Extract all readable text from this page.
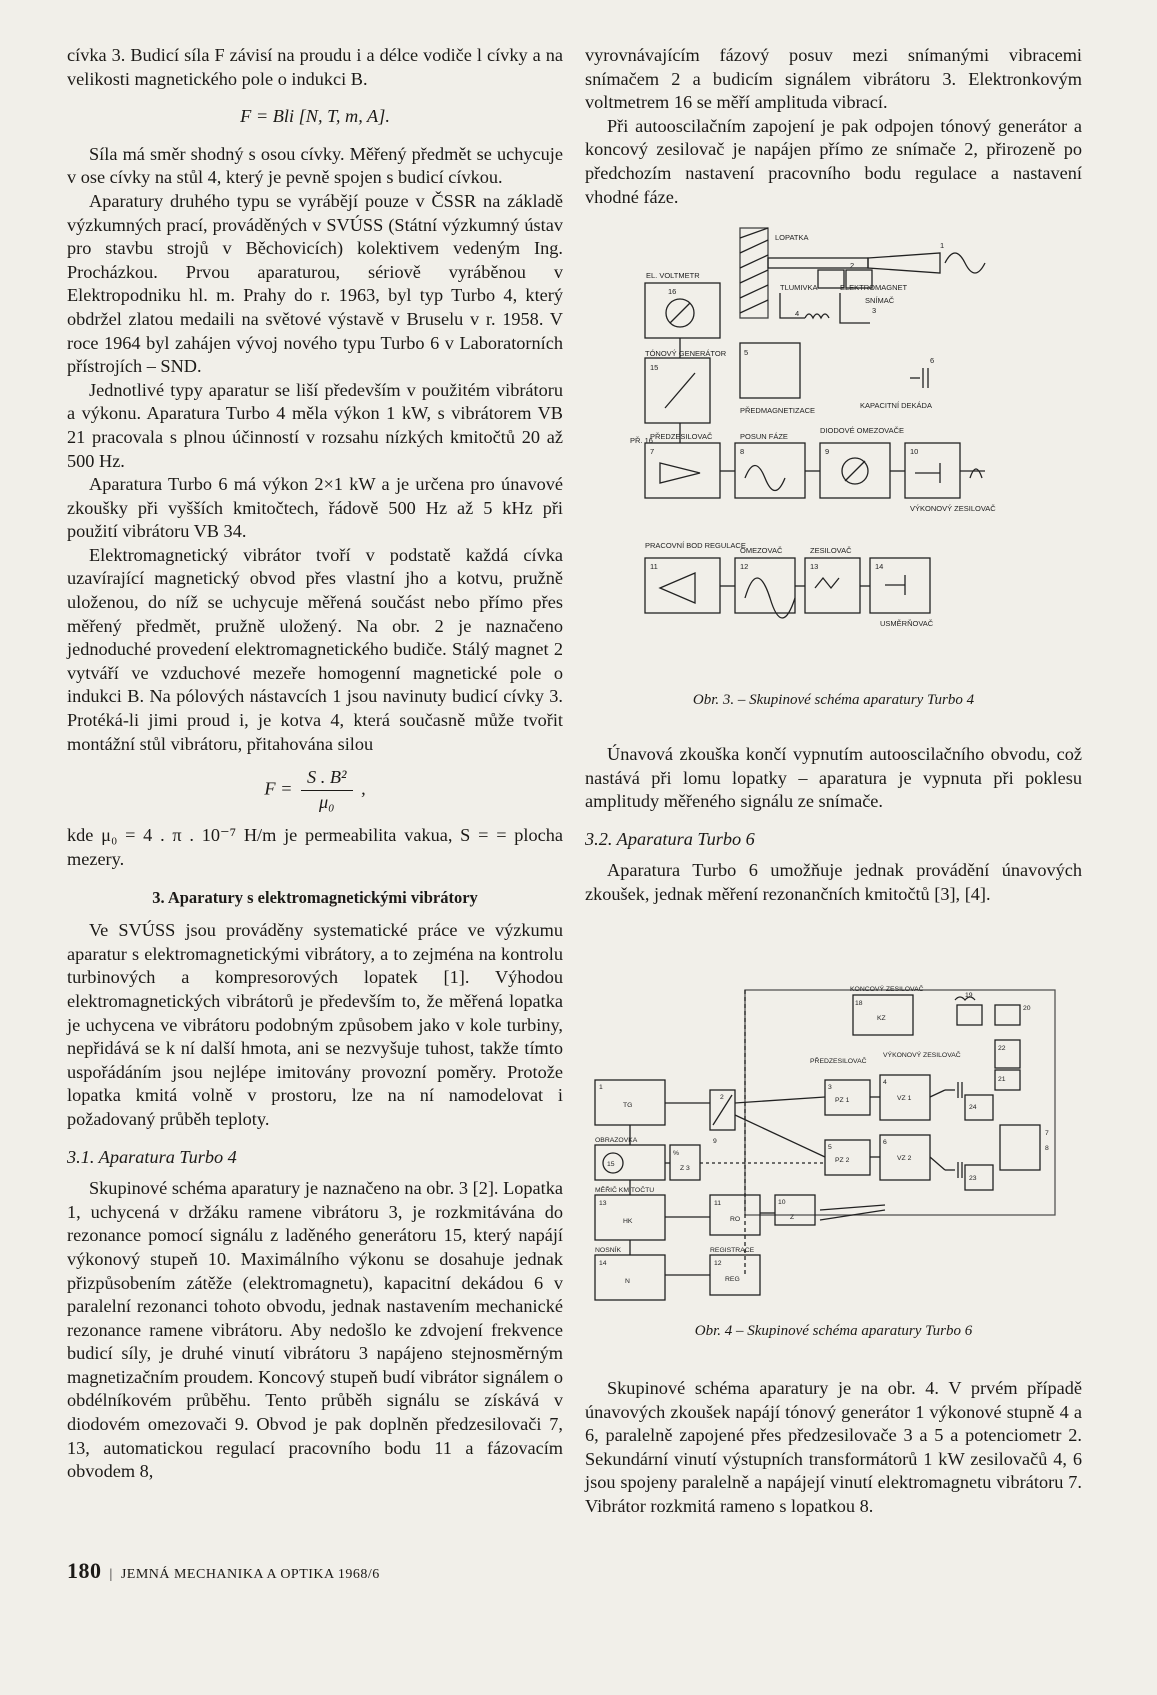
cívka 3. Budicí síla F závisí na proudu i a délce vodiče l cívky a na velikosti magnetického pole o indukci B.

F = Bli [N, T, m, A].

Síla má směr shodný s osou cívky. Měřený předmět se uchycuje v ose cívky na stůl 4, který je pevně spojen s budicí cívkou.

Aparatury druhého typu se vyrábějí pouze v ČSSR na základě výzkumných prací, prováděných v SVÚSS (Státní výzkumný ústav pro stavbu strojů v Běchovicích) kolektivem vedeným Ing. Procházkou. Prvou aparaturou, sériově vyráběnou v Elektropodniku hl. m. Prahy do r. 1963, byl typ Turbo 4, který obdržel zlatou medaili na světové výstavě v Bruselu v r. 1958. V roce 1964 byl zahájen vývoj nového typu Turbo 6 v Laboratorních přístrojích – SND.

Jednotlivé typy aparatur se liší především v použitém vibrátoru a výkonu. Aparatura Turbo 4 měla výkon 1 kW, s vibrátorem VB 21 pracovala s plnou účinností v rozsahu nízkých kmitočtů 20 až 500 Hz.

Aparatura Turbo 6 má výkon 2×1 kW a je určena pro únavové zkoušky při vyšších kmitočtech, řádově 500 Hz až 5 kHz při použití vibrátoru VB 34.

Elektromagnetický vibrátor tvoří v podstatě každá cívka uzavírající magnetický obvod přes vlastní jho a kotvu, pružně uloženou, do níž se uchycuje měřená součást nebo přímo přes měřený předmět, pružně uložený. Na obr. 2 je naznačeno jednoduché provedení elektromagnetického budiče. Stálý magnet 2 vytváří ve vzduchové mezeře homogenní magnetické pole o indukci B. Na pólových nástavcích 1 jsou navinuty budicí cívky 3. Protéká-li jimi proud i, je kotva 4, která současně může tvořit montážní stůl vibrátoru, přitahována silou

$F = \frac{\text{S . B²}}{\text{μ₀}}$ ,

kde μ₀ = 4 . π . 10⁻⁷ H/m je permeabilita vakua, S = = plocha mezery.

3. Aparatury s elektromagnetickými vibrátory

Ve SVÚSS jsou prováděny systematické práce ve výzkumu aparatur s elektromagnetickými vibrátory, a to zejména na kontrolu turbinových a kompresorových lopatek [1]. Výhodou elektromagnetických vibrátorů je především to, že měřená lopatka je uchycena ve vibrátoru podobným způsobem jako v kole turbiny, nepřidává se k ní další hmota, ani se nezvyšuje tuhost, takže tímto uspořádáním jsou nejlépe imitovány provozní poměry. Protože lopatka kmitá volně v prostoru, lze na ní namodelovat i požadovaný průběh teploty.

3.1. Aparatura Turbo 4

Skupinové schéma aparatury je naznačeno na obr. 3 [2]. Lopatka 1, uchycená v držáku ramene vibrátoru 3, je rozkmitávána do rezonance pomocí signálu z laděného generátoru 15, který napájí výkonový stupeň 10. Maximálního výkonu se dosahuje jednak přizpůsobením zátěže (elektromagnetu), kapacitní dekádou 6 v paralelní rezonanci tohoto obvodu, jednak nastavením mechanické rezonance ramene vibrátoru. Aby nedošlo ke zdvojení frekvence budicí síly, je druhé vinutí vibrátoru 3 napájeno stejnosměrným magnetizačním proudem. Koncový stupeň budí vibrátor signálem o obdélníkovém průběhu. Tento průběh signálu se získává v diodovém omezovači 9. Obvod je pak doplněn předzesilovači 7, 13, automatickou regulací pracovního bodu 11 a fázovacím obvodem 8,

vyrovnávajícím fázový posuv mezi snímanými vibracemi snímačem 2 a budicím signálem vibrátoru 3. Elektronkovým voltmetrem 16 se měří amplituda vibrací.

Při autooscilačním zapojení je pak odpojen tónový generátor a koncový zesilovač je napájen přímo ze snímače 2, přirozeně po předchozím nastavení pracovního bodu regulace a nastavení vhodné fáze.

LOPATKA
SNÍMAČ
EL. VOLTMETR
16	TLUMIVKA	ELEKTROMAGNET
3
4
1
2
TÓNOVÝ GENERÁTOR
15
5
PŘEDMAGNETIZACE
KAPACITNÍ DEKÁDA
6
PŘ. 16
PŘEDZESILOVAČ
7
POSUN FÁZE
8
DIODOVÉ OMEZOVAČE
9	10
VÝKONOVÝ ZESILOVAČ
PRACOVNÍ BOD REGULACE
11
OMEZOVAČ
12
ZESILOVAČ
13	14
USMĚRŇOVAČ
Obr. 3. – Skupinové schéma aparatury Turbo 4

Únavová zkouška končí vypnutím autooscilačního obvodu, což nastává při lomu lopatky – aparatura je vypnuta při poklesu amplitudy měřeného signálu ze snímače.

3.2. Aparatura Turbo 6

Aparatura Turbo 6 umožňuje jednak provádění únavových zkoušek, jednak měření rezonančních kmitočtů [3], [4].

KONCOVÝ ZESILOVAČ
KZ
18
19
20
22
21
PŘEDZESILOVAČ
VÝKONOVÝ ZESILOVAČ
3
PZ 1
4
VZ 1
24
7
8
1
TG
2
5
PZ 2
6
VZ 2
23
OBRAZOVKA
15
%
Z 3
9
MĚŘIČ KMITOČTU
13
HK
11
RO
10
Z
NOSNÍK
14
N
REGISTRACE
12
REG
Obr. 4 – Skupinové schéma aparatury Turbo 6

Skupinové schéma aparatury je na obr. 4. V prvém případě únavových zkoušek napájí tónový generátor 1 výkonové stupně 4 a 6, paralelně zapojené přes předzesilovače 3 a 5 a potenciometr 2. Sekundární vinutí výstupních transformátorů 1 kW zesilovačů 4, 6 jsou spojeny paralelně a napájejí vinutí elektromagnetu vibrátoru 7. Vibrátor rozkmitá rameno s lopatkou 8.

180 | JEMNÁ MECHANIKA A OPTIKA 1968/6
